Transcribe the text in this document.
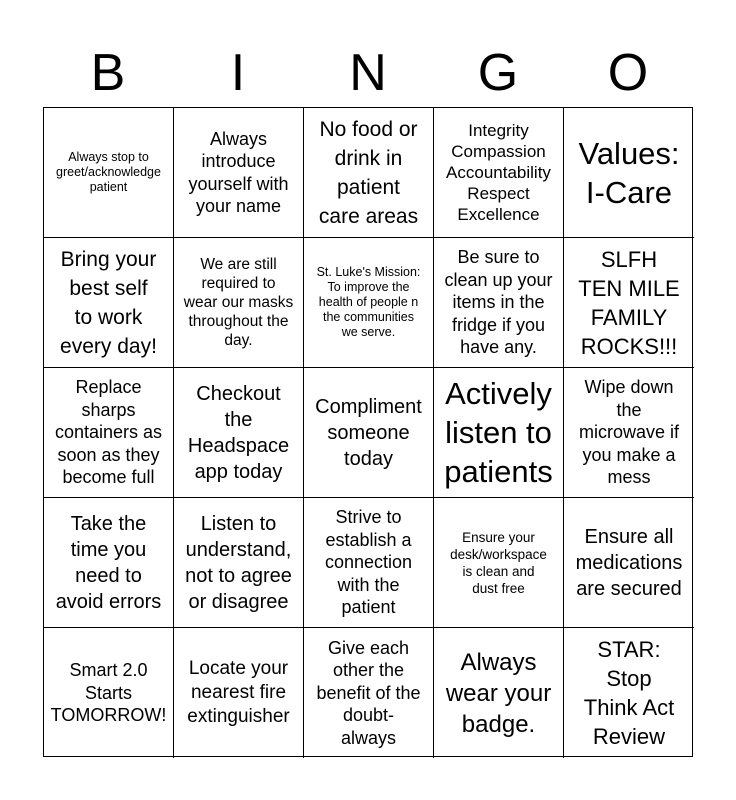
B	I	N	G	O
Always stop to greet/acknowledge patient
Always
introduce
yourself with
your name
No food or
drink in
patient
care areas
Integrity
Compassion
Accountability
Respect
Excellence
Values:
I-Care
Bring your
best self
to work
every day!
We are still
required to
wear our masks
throughout the
day.
St. Luke's Mission:
To improve the
health of people n
the communities
we serve.
Be sure to
clean up your
items in the
fridge if you
have any.
SLFH
TEN MILE
FAMILY
ROCKS!!!
Replace
sharps
containers as
soon as they
become full
Checkout
the
Headspace
app today
Compliment
someone
today
Actively
listen to
patients
Wipe down
the
microwave if
you make a
mess
Take the
time you
need to
avoid errors
Listen to
understand,
not to agree
or disagree
Strive to
establish a
connection
with the
patient
Ensure your
desk/workspace
is clean and
dust free
Ensure all
medications
are secured
Smart 2.0
Starts
TOMORROW!
Locate your
nearest fire
extinguisher
Give each
other the
benefit of the
doubt-
always
Always
wear your
badge.
STAR:
Stop
Think Act
Review
